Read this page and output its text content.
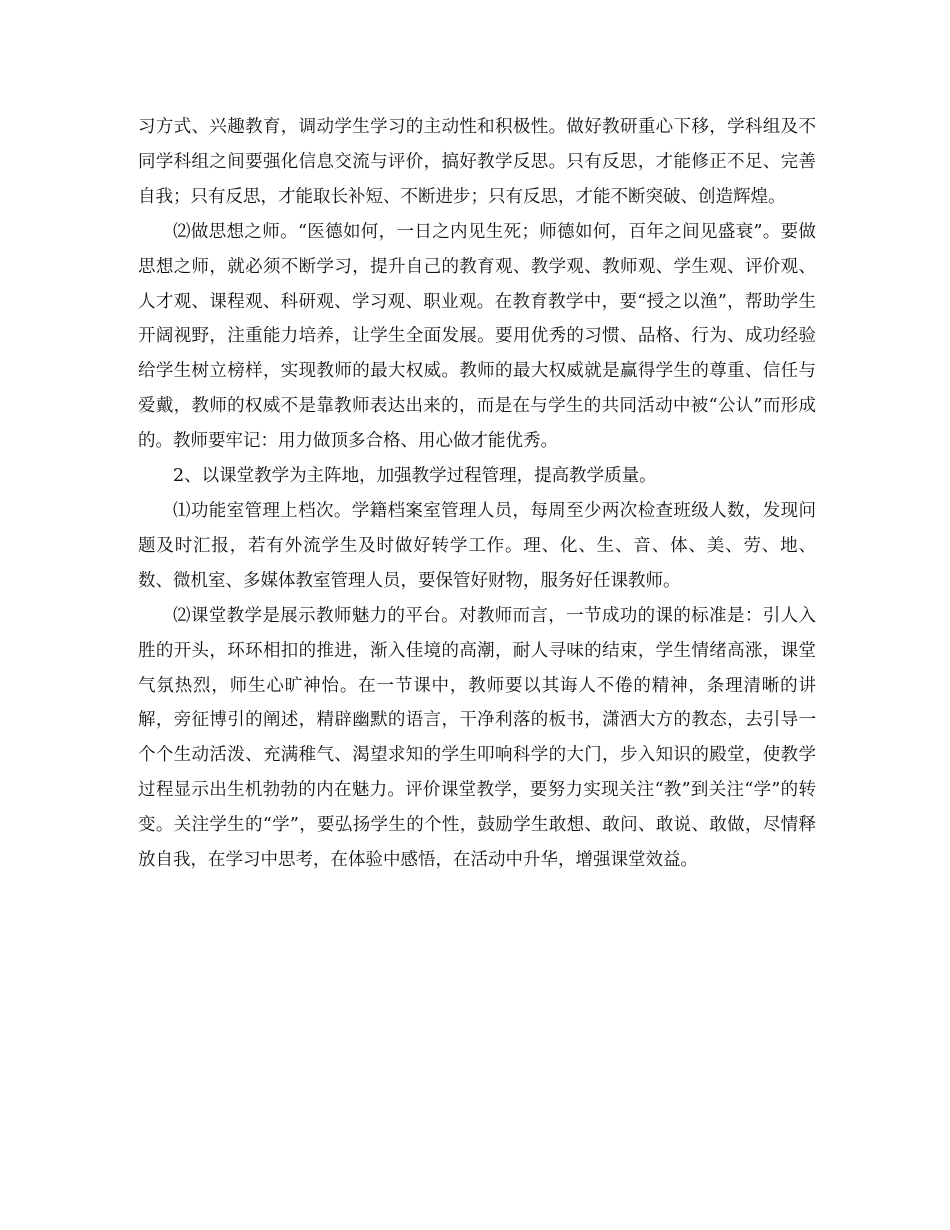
习方式、兴趣教育，调动学生学习的主动性和积极性。做好教研重心下移，学科组及不同学科组之间要强化信息交流与评价，搞好教学反思。只有反思，才能修正不足、完善自我；只有反思，才能取长补短、不断进步；只有反思，才能不断突破、创造辉煌。

⑵做思想之师。“医德如何，一日之内见生死；师德如何，百年之间见盛衰”。要做思想之师，就必须不断学习，提升自己的教育观、教学观、教师观、学生观、评价观、人才观、课程观、科研观、学习观、职业观。在教育教学中，要“授之以渔”，帮助学生开阔视野，注重能力培养，让学生全面发展。要用优秀的习惯、品格、行为、成功经验给学生树立榜样，实现教师的最大权威。教师的最大权威就是赢得学生的尊重、信任与爱戴，教师的权威不是靠教师表达出来的，而是在与学生的共同活动中被“公认”而形成的。教师要牢记：用力做顶多合格、用心做才能优秀。

2、以课堂教学为主阵地，加强教学过程管理，提高教学质量。

⑴功能室管理上档次。学籍档案室管理人员，每周至少两次检查班级人数，发现问题及时汇报，若有外流学生及时做好转学工作。理、化、生、音、体、美、劳、地、数、微机室、多媒体教室管理人员，要保管好财物，服务好任课教师。

⑵课堂教学是展示教师魅力的平台。对教师而言，一节成功的课的标准是：引人入胜的开头，环环相扣的推进，渐入佳境的高潮，耐人寻味的结束，学生情绪高涨，课堂气氛热烈，师生心旷神怡。在一节课中，教师要以其诲人不倦的精神，条理清晰的讲解，旁征博引的阐述，精辟幽默的语言，干净利落的板书，潇洒大方的教态，去引导一个个生动活泼、充满稚气、渴望求知的学生叩响科学的大门，步入知识的殿堂，使教学过程显示出生机勃勃的内在魅力。评价课堂教学，要努力实现关注“教”到关注“学”的转变。关注学生的“学”，要弘扬学生的个性，鼓励学生敢想、敢问、敢说、敢做，尽情释放自我，在学习中思考，在体验中感悟，在活动中升华，增强课堂效益。
